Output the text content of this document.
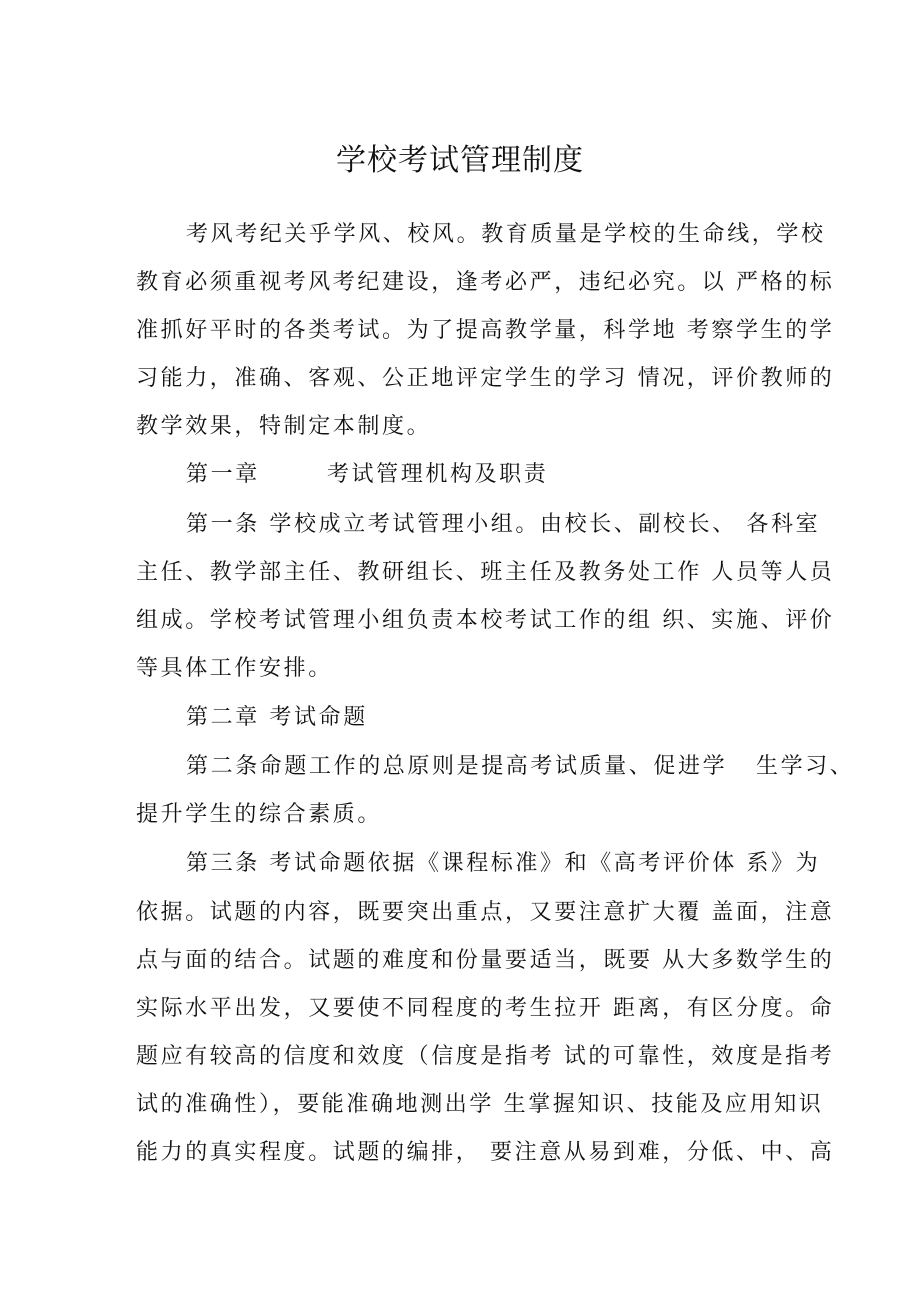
学校考试管理制度
考风考纪关乎学风、校风。教育质量是学校的生命线，学校
教育必须重视考风考纪建设，逢考必严，违纪必究。以 严格的标
准抓好平时的各类考试。为了提高教学量，科学地 考察学生的学
习能力，准确、客观、公正地评定学生的学习 情况，评价教师的
教学效果，特制定本制度。
第一章       考试管理机构及职责
第一条 学校成立考试管理小组。由校长、副校长、 各科室
主任、教学部主任、教研组长、班主任及教务处工作 人员等人员
组成。学校考试管理小组负责本校考试工作的组 织、实施、评价
等具体工作安排。
第二章 考试命题
第二条命题工作的总原则是提高考试质量、促进学   生学习、
提升学生的综合素质。
第三条 考试命题依据《课程标准》和《高考评价体 系》为
依据。试题的内容，既要突出重点，又要注意扩大覆 盖面，注意
点与面的结合。试题的难度和份量要适当，既要 从大多数学生的
实际水平出发，又要使不同程度的考生拉开 距离，有区分度。命
题应有较高的信度和效度（信度是指考 试的可靠性，效度是指考
试的准确性），要能准确地测出学 生掌握知识、技能及应用知识
能力的真实程度。试题的编排， 要注意从易到难，分低、中、高
